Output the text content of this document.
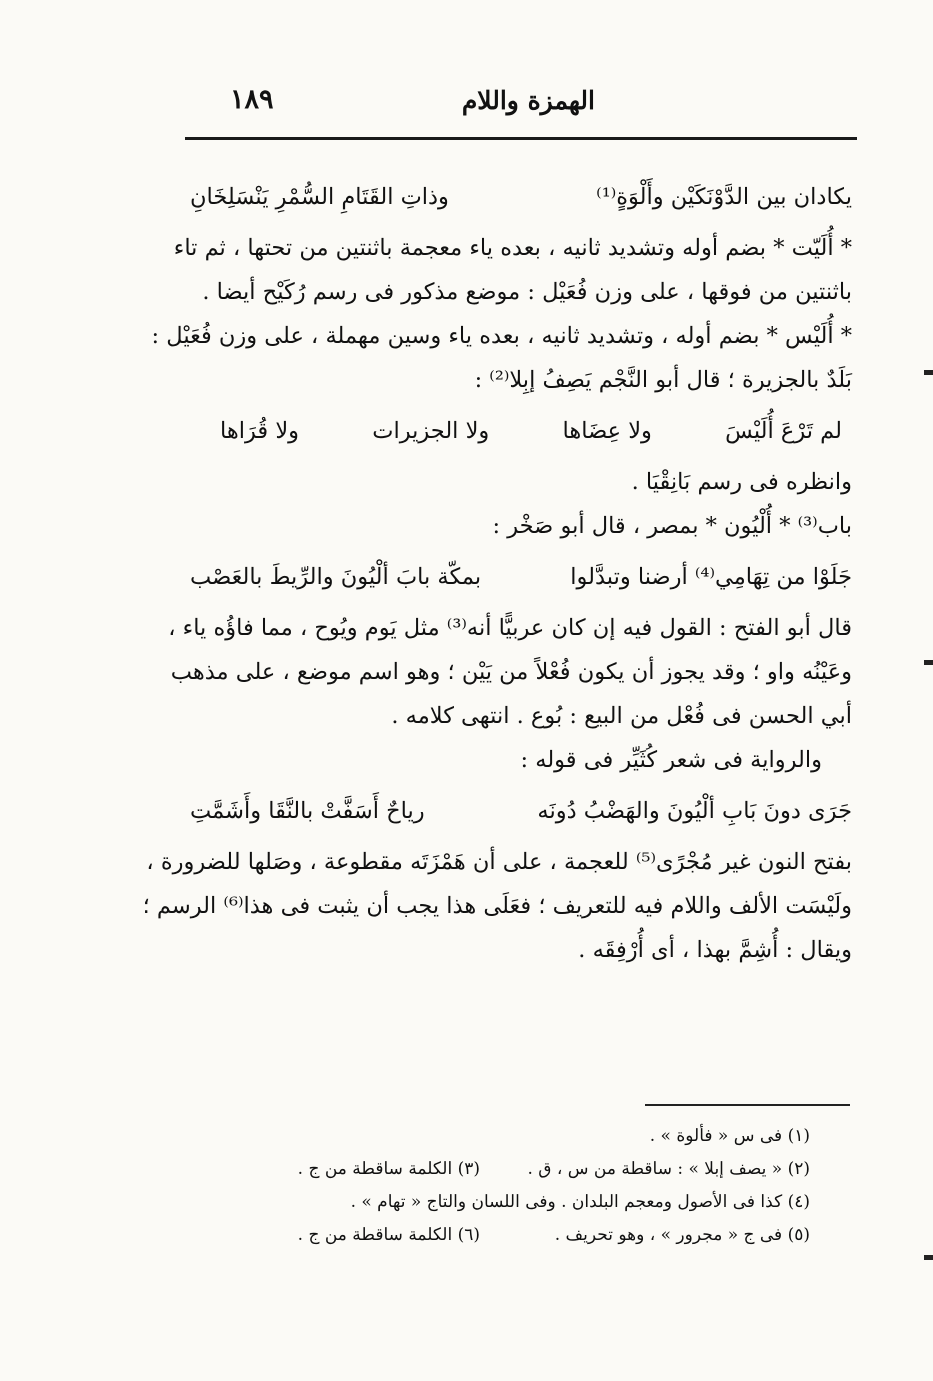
الهمزة واللام
١٨٩
يكادان بين الدَّوْنَكَيْن وأَلْوَةٍ⁽¹⁾
وذاتِ القَتَامِ السُّمْرِ يَنْسَلِخَانِ
* أُلَيّت * بضم أوله وتشديد ثانيه ، بعده ياء معجمة باثنتين من تحتها ، ثم تاء
باثنتين من فوقها ، على وزن فُعَيْل : موضع مذكور فى رسم رُكَيْح أيضا .
* أُلَيْس * بضم أوله ، وتشديد ثانيه ، بعده ياء وسين مهملة ، على وزن فُعَيْل :
بَلَدٌ بالجزيرة ؛ قال أبو النَّجْم يَصِفُ إبِلا⁽²⁾ :
لم تَرْعَ أُلَيْسَ
ولا عِضَاها
ولا الجزيرات
ولا قُرَاها
وانظره فى رسم بَانِقْيَا .
باب⁽³⁾ * أُلْيُون * بمصر ، قال أبو صَخْر :
جَلَوْا من تِهَامِي⁽⁴⁾ أرضنا وتبدَّلوا
بمكّة بابَ ألْيُونَ والرِّيطَ بالعَصْب
قال أبو الفتح : القول فيه إن كان عربيًّا أنه⁽³⁾ مثل يَوم ويُوح ، مما فاؤُه ياء ،
وعَيْنُه واو ؛ وقد يجوز أن يكون فُعْلاً من يَيْن ؛ وهو اسم موضع ، على مذهب
أبي الحسن فى فُعْل من البيع : بُوع . انتهى كلامه .
والرواية فى شعر كُثَيِّر فى قوله :
جَرَى دونَ بَابِ ألْيُونَ والهَضْبُ دُونَه
رياحٌ أَسَفَّتْ بالنَّقَا وأَشَمَّتِ
بفتح النون غير مُجْرًى⁽⁵⁾ للعجمة ، على أن هَمْزَتَه مقطوعة ، وصَلها للضرورة ،
ولَيْسَت الألف واللام فيه للتعريف ؛ فعَلَى هذا يجب أن يثبت فى هذا⁽⁶⁾ الرسم ؛
ويقال : أُشِمَّ بهذا ، أى أُرْفِقَه .
(١) فى س « فألوة » .
(٢) « يصف إبلا » : ساقطة من س ، ق .
(٣) الكلمة ساقطة من ج .
(٤) كذا فى الأصول ومعجم البلدان . وفى اللسان والتاج « تهام » .
(٥) فى ج « مجرور » ، وهو تحريف .
(٦) الكلمة ساقطة من ج .
